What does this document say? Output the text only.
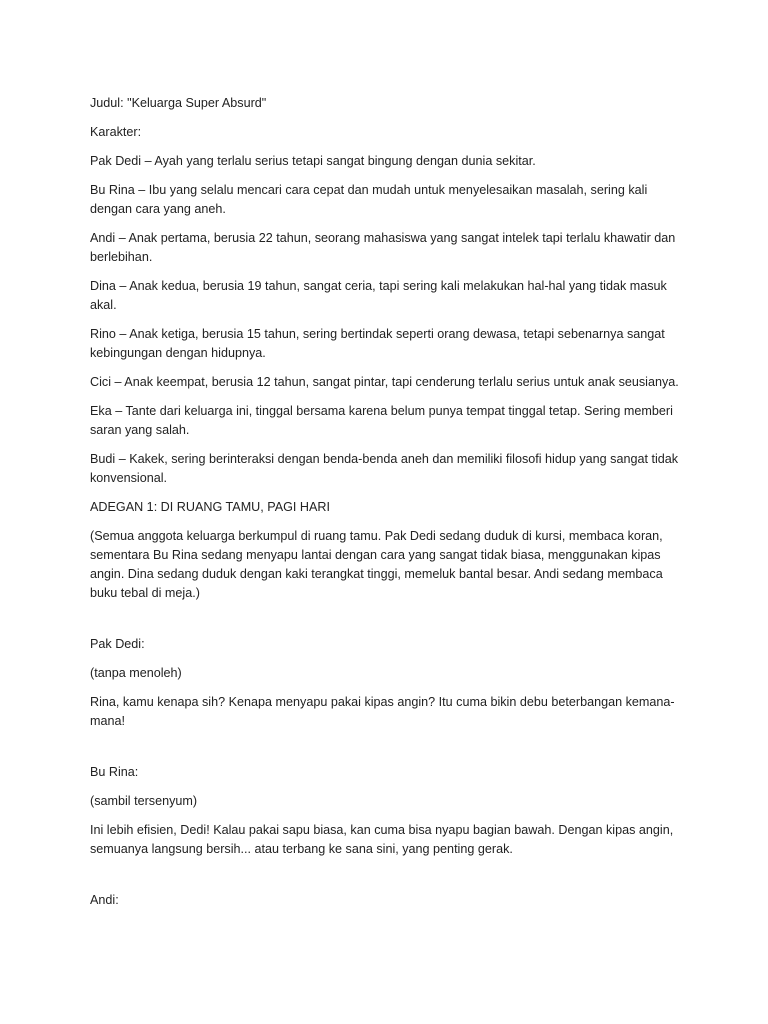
Judul: "Keluarga Super Absurd"

Karakter:

Pak Dedi – Ayah yang terlalu serius tetapi sangat bingung dengan dunia sekitar.

Bu Rina – Ibu yang selalu mencari cara cepat dan mudah untuk menyelesaikan masalah, sering kali dengan cara yang aneh.

Andi – Anak pertama, berusia 22 tahun, seorang mahasiswa yang sangat intelek tapi terlalu khawatir dan berlebihan.

Dina – Anak kedua, berusia 19 tahun, sangat ceria, tapi sering kali melakukan hal-hal yang tidak masuk akal.

Rino – Anak ketiga, berusia 15 tahun, sering bertindak seperti orang dewasa, tetapi sebenarnya sangat kebingungan dengan hidupnya.

Cici – Anak keempat, berusia 12 tahun, sangat pintar, tapi cenderung terlalu serius untuk anak seusianya.

Eka – Tante dari keluarga ini, tinggal bersama karena belum punya tempat tinggal tetap. Sering memberi saran yang salah.

Budi – Kakek, sering berinteraksi dengan benda-benda aneh dan memiliki filosofi hidup yang sangat tidak konvensional.

ADEGAN 1: DI RUANG TAMU, PAGI HARI

(Semua anggota keluarga berkumpul di ruang tamu. Pak Dedi sedang duduk di kursi, membaca koran, sementara Bu Rina sedang menyapu lantai dengan cara yang sangat tidak biasa, menggunakan kipas angin. Dina sedang duduk dengan kaki terangkat tinggi, memeluk bantal besar. Andi sedang membaca buku tebal di meja.)

Pak Dedi:

(tanpa menoleh)

Rina, kamu kenapa sih? Kenapa menyapu pakai kipas angin? Itu cuma bikin debu beterbangan kemana-mana!

Bu Rina:

(sambil tersenyum)

Ini lebih efisien, Dedi! Kalau pakai sapu biasa, kan cuma bisa nyapu bagian bawah. Dengan kipas angin, semuanya langsung bersih... atau terbang ke sana sini, yang penting gerak.

Andi:
